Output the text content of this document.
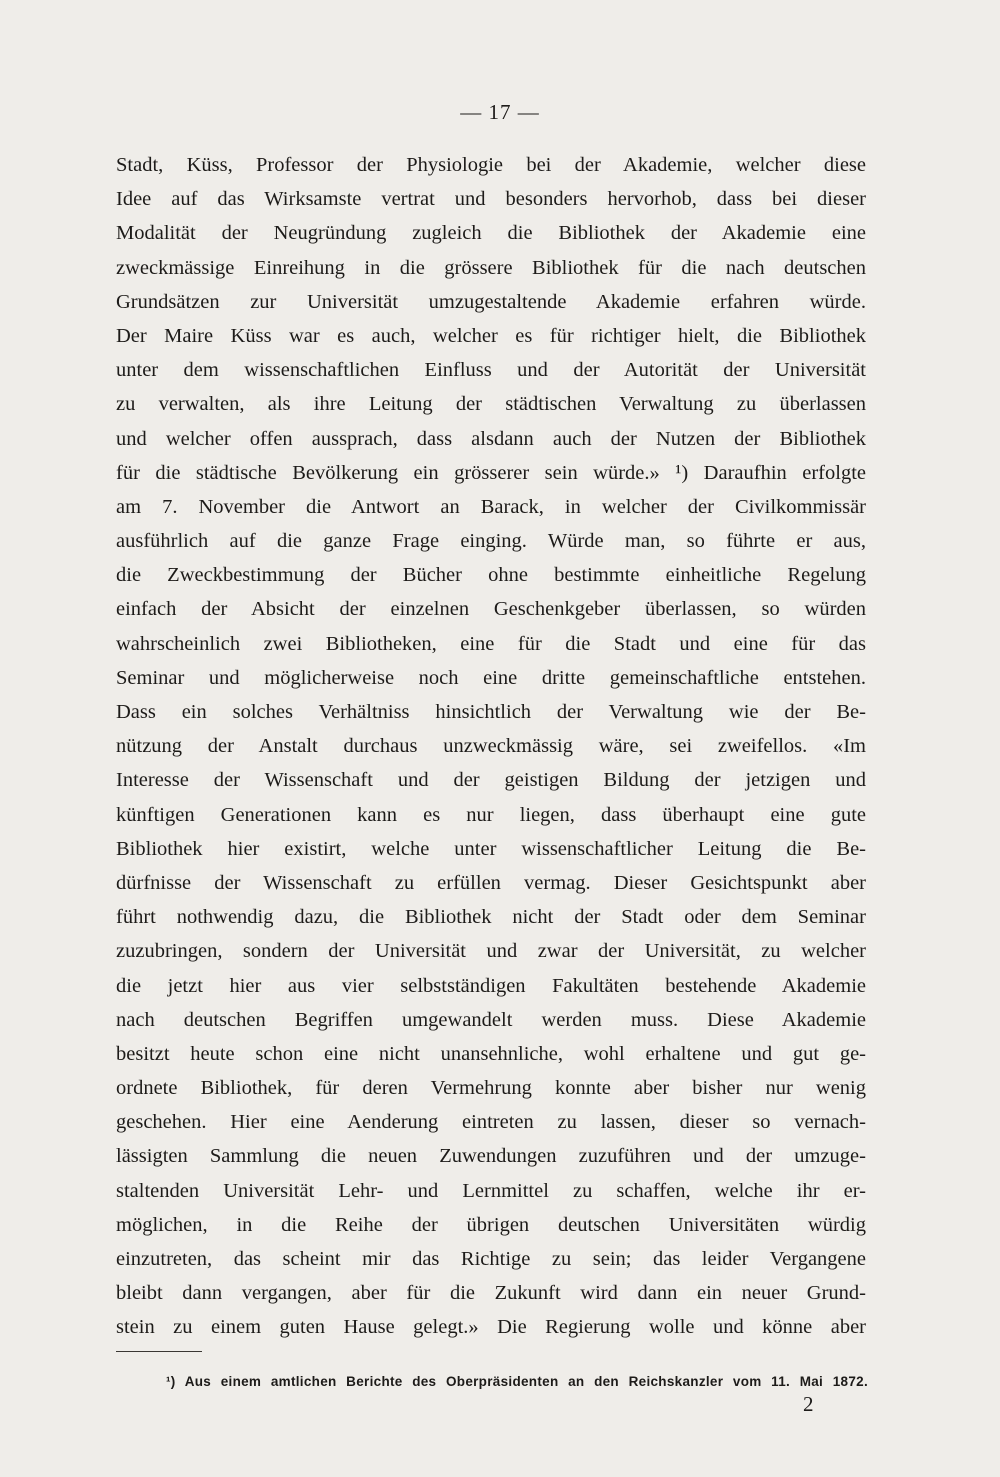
— 17 —
Stadt, Küss, Professor der Physiologie bei der Akademie, welcher diese
Idee auf das Wirksamste vertrat und besonders hervorhob, dass bei dieser
Modalität der Neugründung zugleich die Bibliothek der Akademie eine
zweckmässige Einreihung in die grössere Bibliothek für die nach deutschen
Grundsätzen zur Universität umzugestaltende Akademie erfahren würde.
Der Maire Küss war es auch, welcher es für richtiger hielt, die Bibliothek
unter dem wissenschaftlichen Einfluss und der Autorität der Universität
zu verwalten, als ihre Leitung der städtischen Verwaltung zu überlassen
und welcher offen aussprach, dass alsdann auch der Nutzen der Bibliothek
für die städtische Bevölkerung ein grösserer sein würde.» ¹) Daraufhin erfolgte
am 7. November die Antwort an Barack, in welcher der Civilkommissär
ausführlich auf die ganze Frage einging. Würde man, so führte er aus,
die Zweckbestimmung der Bücher ohne bestimmte einheitliche Regelung
einfach der Absicht der einzelnen Geschenkgeber überlassen, so würden
wahrscheinlich zwei Bibliotheken, eine für die Stadt und eine für das
Seminar und möglicherweise noch eine dritte gemeinschaftliche entstehen.
Dass ein solches Verhältniss hinsichtlich der Verwaltung wie der Be-
nützung der Anstalt durchaus unzweckmässig wäre, sei zweifellos. «Im
Interesse der Wissenschaft und der geistigen Bildung der jetzigen und
künftigen Generationen kann es nur liegen, dass überhaupt eine gute
Bibliothek hier existirt, welche unter wissenschaftlicher Leitung die Be-
dürfnisse der Wissenschaft zu erfüllen vermag. Dieser Gesichtspunkt aber
führt nothwendig dazu, die Bibliothek nicht der Stadt oder dem Seminar
zuzubringen, sondern der Universität und zwar der Universität, zu welcher
die jetzt hier aus vier selbstständigen Fakultäten bestehende Akademie
nach deutschen Begriffen umgewandelt werden muss. Diese Akademie
besitzt heute schon eine nicht unansehnliche, wohl erhaltene und gut ge-
ordnete Bibliothek, für deren Vermehrung konnte aber bisher nur wenig
geschehen. Hier eine Aenderung eintreten zu lassen, dieser so vernach-
lässigten Sammlung die neuen Zuwendungen zuzuführen und der umzuge-
staltenden Universität Lehr- und Lernmittel zu schaffen, welche ihr er-
möglichen, in die Reihe der übrigen deutschen Universitäten würdig
einzutreten, das scheint mir das Richtige zu sein; das leider Vergangene
bleibt dann vergangen, aber für die Zukunft wird dann ein neuer Grund-
stein zu einem guten Hause gelegt.» Die Regierung wolle und könne aber
¹) Aus einem amtlichen Berichte des Oberpräsidenten an den Reichskanzler vom 11. Mai 1872.
2
